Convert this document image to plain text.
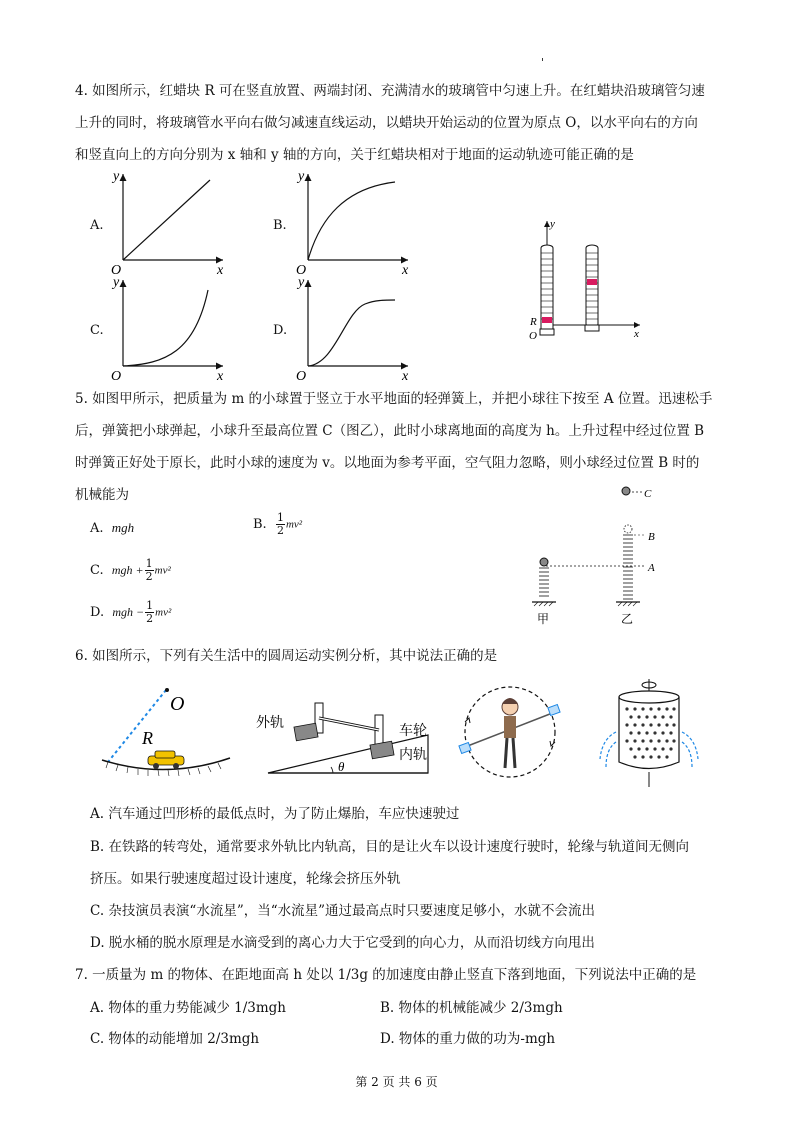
'
4. 如图所示，红蜡块 R 可在竖直放置、两端封闭、充满清水的玻璃管中匀速上升。在红蜡块沿玻璃管匀速
上升的同时，将玻璃管水平向右做匀减速直线运动，以蜡块开始运动的位置为原点 O，以水平向右的方向
和竖直向上的方向分别为 x 轴和 y 轴的方向，关于红蜡块相对于地面的运动轨迹可能正确的是
A.	B.
C.	D.
y
O	x
y
O	x
y
O	x
y
O	x
y
x
R
O
5. 如图甲所示，把质量为 m 的小球置于竖立于水平地面的轻弹簧上，并把小球往下按至 A 位置。迅速松手
后，弹簧把小球弹起，小球升至最高位置 C（图乙），此时小球离地面的高度为 h。上升过程中经过位置 B
时弹簧正好处于原长，此时小球的速度为 v。以地面为参考平面，空气阻力忽略，则小球经过位置 B 时的
机械能为
A. mgh	B. $\frac{1}{2} mv^2$
C. mgh + $\frac{1}{2} mv^2$
D. mgh − $\frac{1}{2} mv^2$
C
B
A
甲	乙
6. 如图所示，下列有关生活中的圆周运动实例分析，其中说法正确的是
O
R
θ
外轨
车轮
内轨
A. 汽车通过凹形桥的最低点时，为了防止爆胎，车应快速驶过
B. 在铁路的转弯处，通常要求外轨比内轨高，目的是让火车以设计速度行驶时，轮缘与轨道间无侧向
挤压。如果行驶速度超过设计速度，轮缘会挤压外轨
C. 杂技演员表演“水流星”，当“水流星”通过最高点时只要速度足够小，水就不会流出
D. 脱水桶的脱水原理是水滴受到的离心力大于它受到的向心力，从而沿切线方向甩出
7. 一质量为 m 的物体、在距地面高 h 处以 1/3g 的加速度由静止竖直下落到地面，下列说法中正确的是
A. 物体的重力势能减少 1/3mgh	B. 物体的机械能减少 2/3mgh
C. 物体的动能增加 2/3mgh	D. 物体的重力做的功为-mgh
第 2 页 共 6 页
